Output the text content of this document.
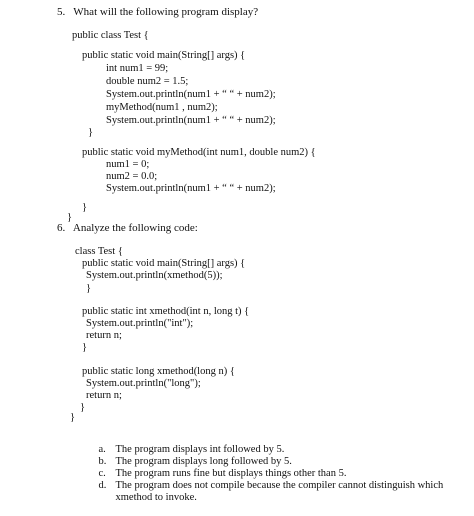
5.   What will the following program display?
public class Test {
public static void main(String[] args) {
int num1 = 99;
double num2 = 1.5;
System.out.println(num1 + “ “ + num2);
myMethod(num1 , num2);
System.out.println(num1 + “ “ + num2);
}
public static void myMethod(int num1, double num2) {
num1 = 0;
num2 = 0.0;
System.out.println(num1 + “ “ + num2);
}
}
6.   Analyze the following code:
class Test {
public static void main(String[] args) {
System.out.println(xmethod(5));
}
public static int xmethod(int n, long t) {
System.out.println("int");
return n;
}
public static long xmethod(long n) {
System.out.println("long");
return n;
}
}

a. The program displays int followed by 5.

b. The program displays long followed by 5.

c. The program runs fine but displays things other than 5.

d. The program does not compile because the compiler cannot distinguish which

xmethod to invoke.
